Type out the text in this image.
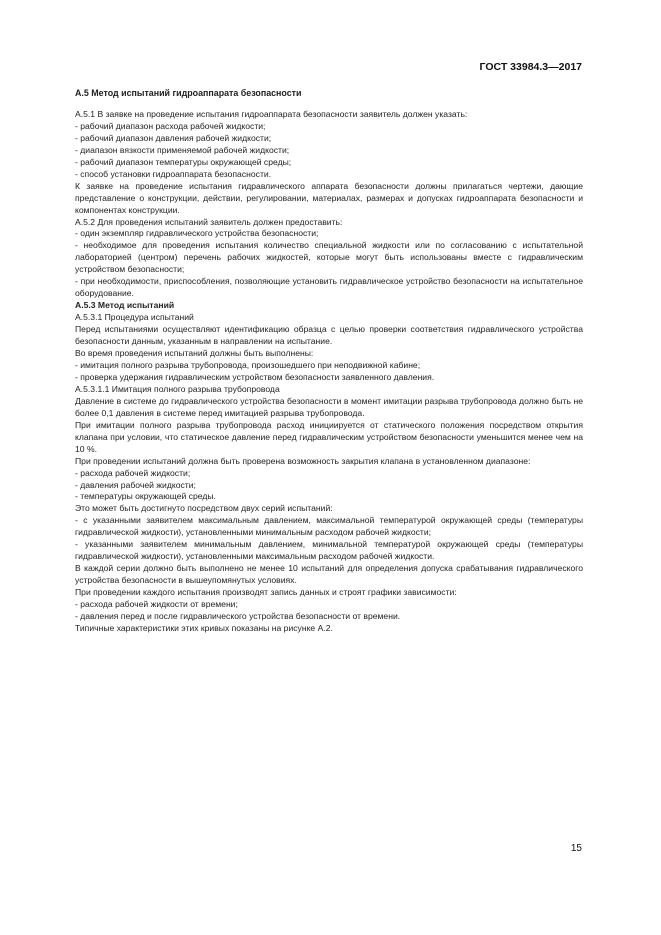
ГОСТ 33984.3—2017

А.5 Метод испытаний гидроаппарата безопасности

А.5.1 В заявке на проведение испытания гидроаппарата безопасности заявитель должен указать:

- рабочий диапазон расхода рабочей жидкости;

- рабочий диапазон давления рабочей жидкости;

- диапазон вязкости применяемой рабочей жидкости;

- рабочий диапазон температуры окружающей среды;

- способ установки гидроаппарата безопасности.

К заявке на проведение испытания гидравлического аппарата безопасности должны прилагаться чертежи, дающие представление о конструкции, действии, регулировании, материалах, размерах и допусках гидроаппарата безопасности и компонентах конструкции.

А.5.2 Для проведения испытаний заявитель должен предоставить:

- один экземпляр гидравлического устройства безопасности;

- необходимое для проведения испытания количество специальной жидкости или по согласованию с испытательной лабораторией (центром) перечень рабочих жидкостей, которые могут быть использованы вместе с гидравлическим устройством безопасности;

- при необходимости, приспособления, позволяющие установить гидравлическое устройство безопасности на испытательное оборудование.

А.5.3 Метод испытаний

А.5.3.1 Процедура испытаний

Перед испытаниями осуществляют идентификацию образца с целью проверки соответствия гидравлического устройства безопасности данным, указанным в направлении на испытание.

Во время проведения испытаний должны быть выполнены:

- имитация полного разрыва трубопровода, произошедшего при неподвижной кабине;

- проверка удержания гидравлическим устройством безопасности заявленного давления.

А.5.3.1.1 Имитация полного разрыва трубопровода

Давление в системе до гидравлического устройства безопасности в момент имитации разрыва трубопровода должно быть не более 0,1 давления в системе перед имитацией разрыва трубопровода.

При имитации полного разрыва трубопровода расход инициируется от статического положения посредством открытия клапана при условии, что статическое давление перед гидравлическим устройством безопасности уменьшится менее чем на 10 %.

При проведении испытаний должна быть проверена возможность закрытия клапана в установленном диапазоне:

- расхода рабочей жидкости;

- давления рабочей жидкости;

- температуры окружающей среды.

Это может быть достигнуто посредством двух серий испытаний:

- с указанными заявителем максимальным давлением, максимальной температурой окружающей среды (температуры гидравлической жидкости), установленными минимальным расходом рабочей жидкости;

- указанными заявителем минимальным давлением, минимальной температурой окружающей среды (температуры гидравлической жидкости), установленными максимальным расходом рабочей жидкости.

В каждой серии должно быть выполнено не менее 10 испытаний для определения допуска срабатывания гидравлического устройства безопасности в вышеупомянутых условиях.

При проведении каждого испытания производят запись данных и строят графики зависимости:

- расхода рабочей жидкости от времени;

- давления перед и после гидравлического устройства безопасности от времени.

Типичные характеристики этих кривых показаны на рисунке А.2.

15
